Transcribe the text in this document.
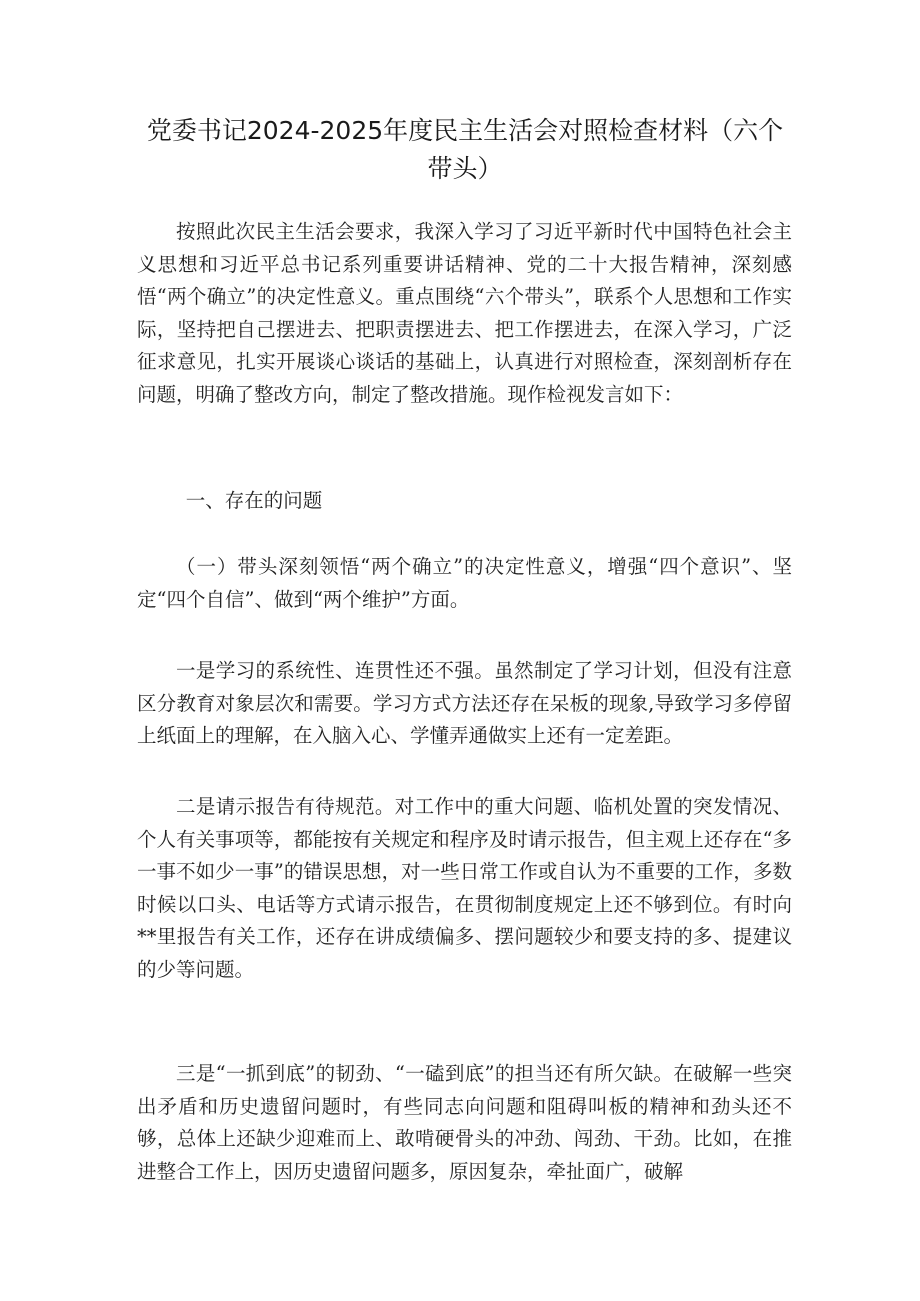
党委书记2024-2025年度民主生活会对照检查材料（六个带头）

按照此次民主生活会要求，我深入学习了习近平新时代中国特色社会主义思想和习近平总书记系列重要讲话精神、党的二十大报告精神，深刻感悟“两个确立”的决定性意义。重点围绕“六个带头”，联系个人思想和工作实际，坚持把自己摆进去、把职责摆进去、把工作摆进去，在深入学习，广泛征求意见，扎实开展谈心谈话的基础上，认真进行对照检查，深刻剖析存在问题，明确了整改方向，制定了整改措施。现作检视发言如下：

一、存在的问题

（一）带头深刻领悟“两个确立”的决定性意义，增强“四个意识”、坚定“四个自信”、做到“两个维护”方面。

一是学习的系统性、连贯性还不强。虽然制定了学习计划，但没有注意区分教育对象层次和需要。学习方式方法还存在呆板的现象,导致学习多停留上纸面上的理解，在入脑入心、学懂弄通做实上还有一定差距。

二是请示报告有待规范。对工作中的重大问题、临机处置的突发情况、个人有关事项等，都能按有关规定和程序及时请示报告，但主观上还存在“多一事不如少一事”的错误思想，对一些日常工作或自认为不重要的工作，多数时候以口头、电话等方式请示报告，在贯彻制度规定上还不够到位。有时向**里报告有关工作，还存在讲成绩偏多、摆问题较少和要支持的多、提建议的少等问题。

三是“一抓到底”的韧劲、“一磕到底”的担当还有所欠缺。在破解一些突出矛盾和历史遗留问题时，有些同志向问题和阻碍叫板的精神和劲头还不够，总体上还缺少迎难而上、敢啃硬骨头的冲劲、闯劲、干劲。比如，在推进整合工作上，因历史遗留问题多，原因复杂，牵扯面广，破解
